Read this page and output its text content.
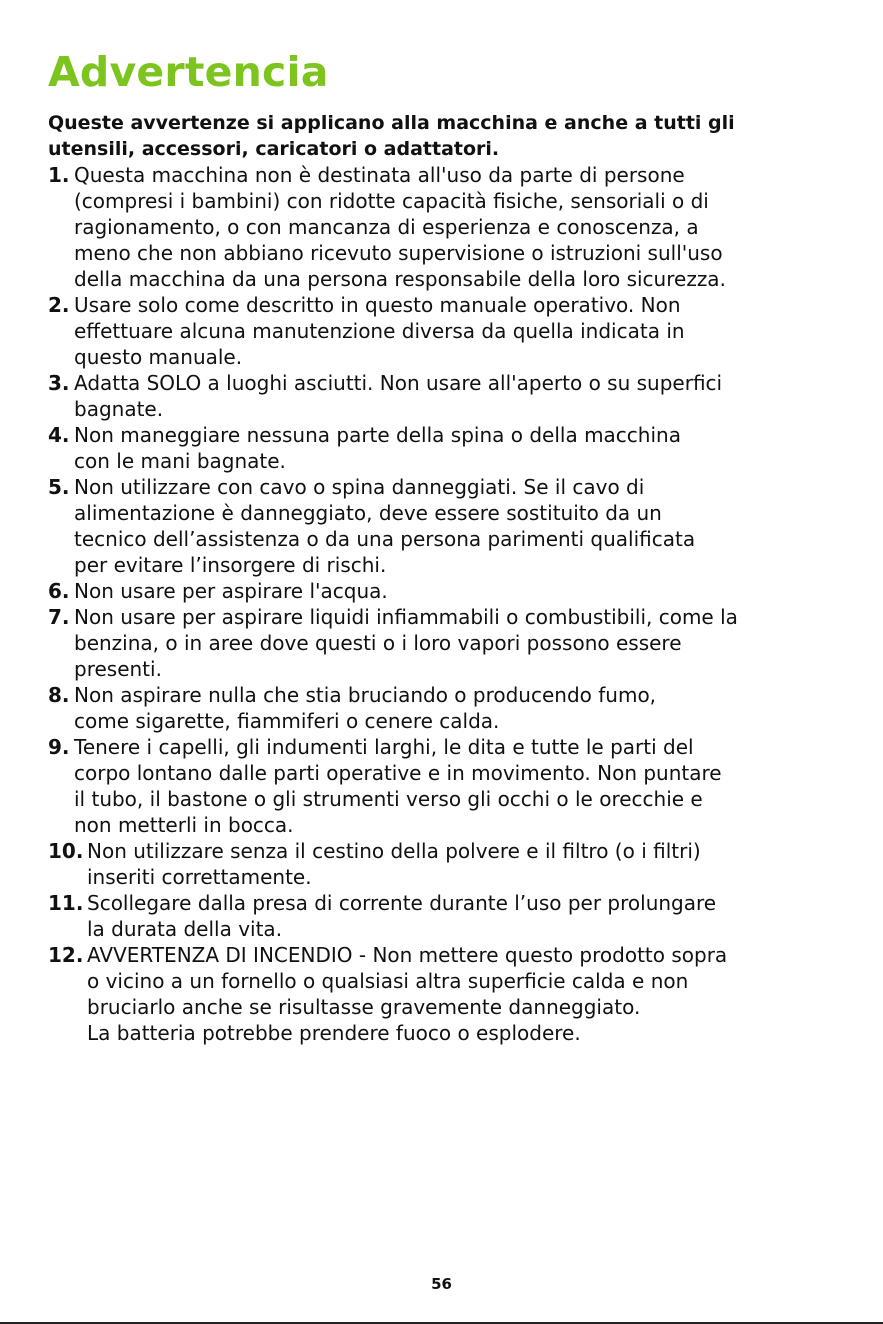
Advertencia

Queste avvertenze si applicano alla macchina e anche a tutti gli
utensili, accessori, caricatori o adattatori.

1. Questa macchina non è destinata all'uso da parte di persone
(compresi i bambini) con ridotte capacità fisiche, sensoriali o di
ragionamento, o con mancanza di esperienza e conoscenza, a
meno che non abbiano ricevuto supervisione o istruzioni sull'uso
della macchina da una persona responsabile della loro sicurezza.
2. Usare solo come descritto in questo manuale operativo. Non
effettuare alcuna manutenzione diversa da quella indicata in
questo manuale.
3. Adatta SOLO a luoghi asciutti. Non usare all'aperto o su superfici
bagnate.
4. Non maneggiare nessuna parte della spina o della macchina
con le mani bagnate.
5. Non utilizzare con cavo o spina danneggiati. Se il cavo di
alimentazione è danneggiato, deve essere sostituito da un
tecnico dell’assistenza o da una persona parimenti qualificata
per evitare l’insorgere di rischi.
6. Non usare per aspirare l'acqua.
7. Non usare per aspirare liquidi infiammabili o combustibili, come la
benzina, o in aree dove questi o i loro vapori possono essere
presenti.
8. Non aspirare nulla che stia bruciando o producendo fumo,
come sigarette, fiammiferi o cenere calda.
9. Tenere i capelli, gli indumenti larghi, le dita e tutte le parti del
corpo lontano dalle parti operative e in movimento. Non puntare
il tubo, il bastone o gli strumenti verso gli occhi o le orecchie e
non metterli in bocca.
10. Non utilizzare senza il cestino della polvere e il filtro (o i filtri)
inseriti correttamente.
11. Scollegare dalla presa di corrente durante l’uso per prolungare
la durata della vita.
12. AVVERTENZA DI INCENDIO - Non mettere questo prodotto sopra
o vicino a un fornello o qualsiasi altra superficie calda e non
bruciarlo anche se risultasse gravemente danneggiato.
La batteria potrebbe prendere fuoco o esplodere.
56
